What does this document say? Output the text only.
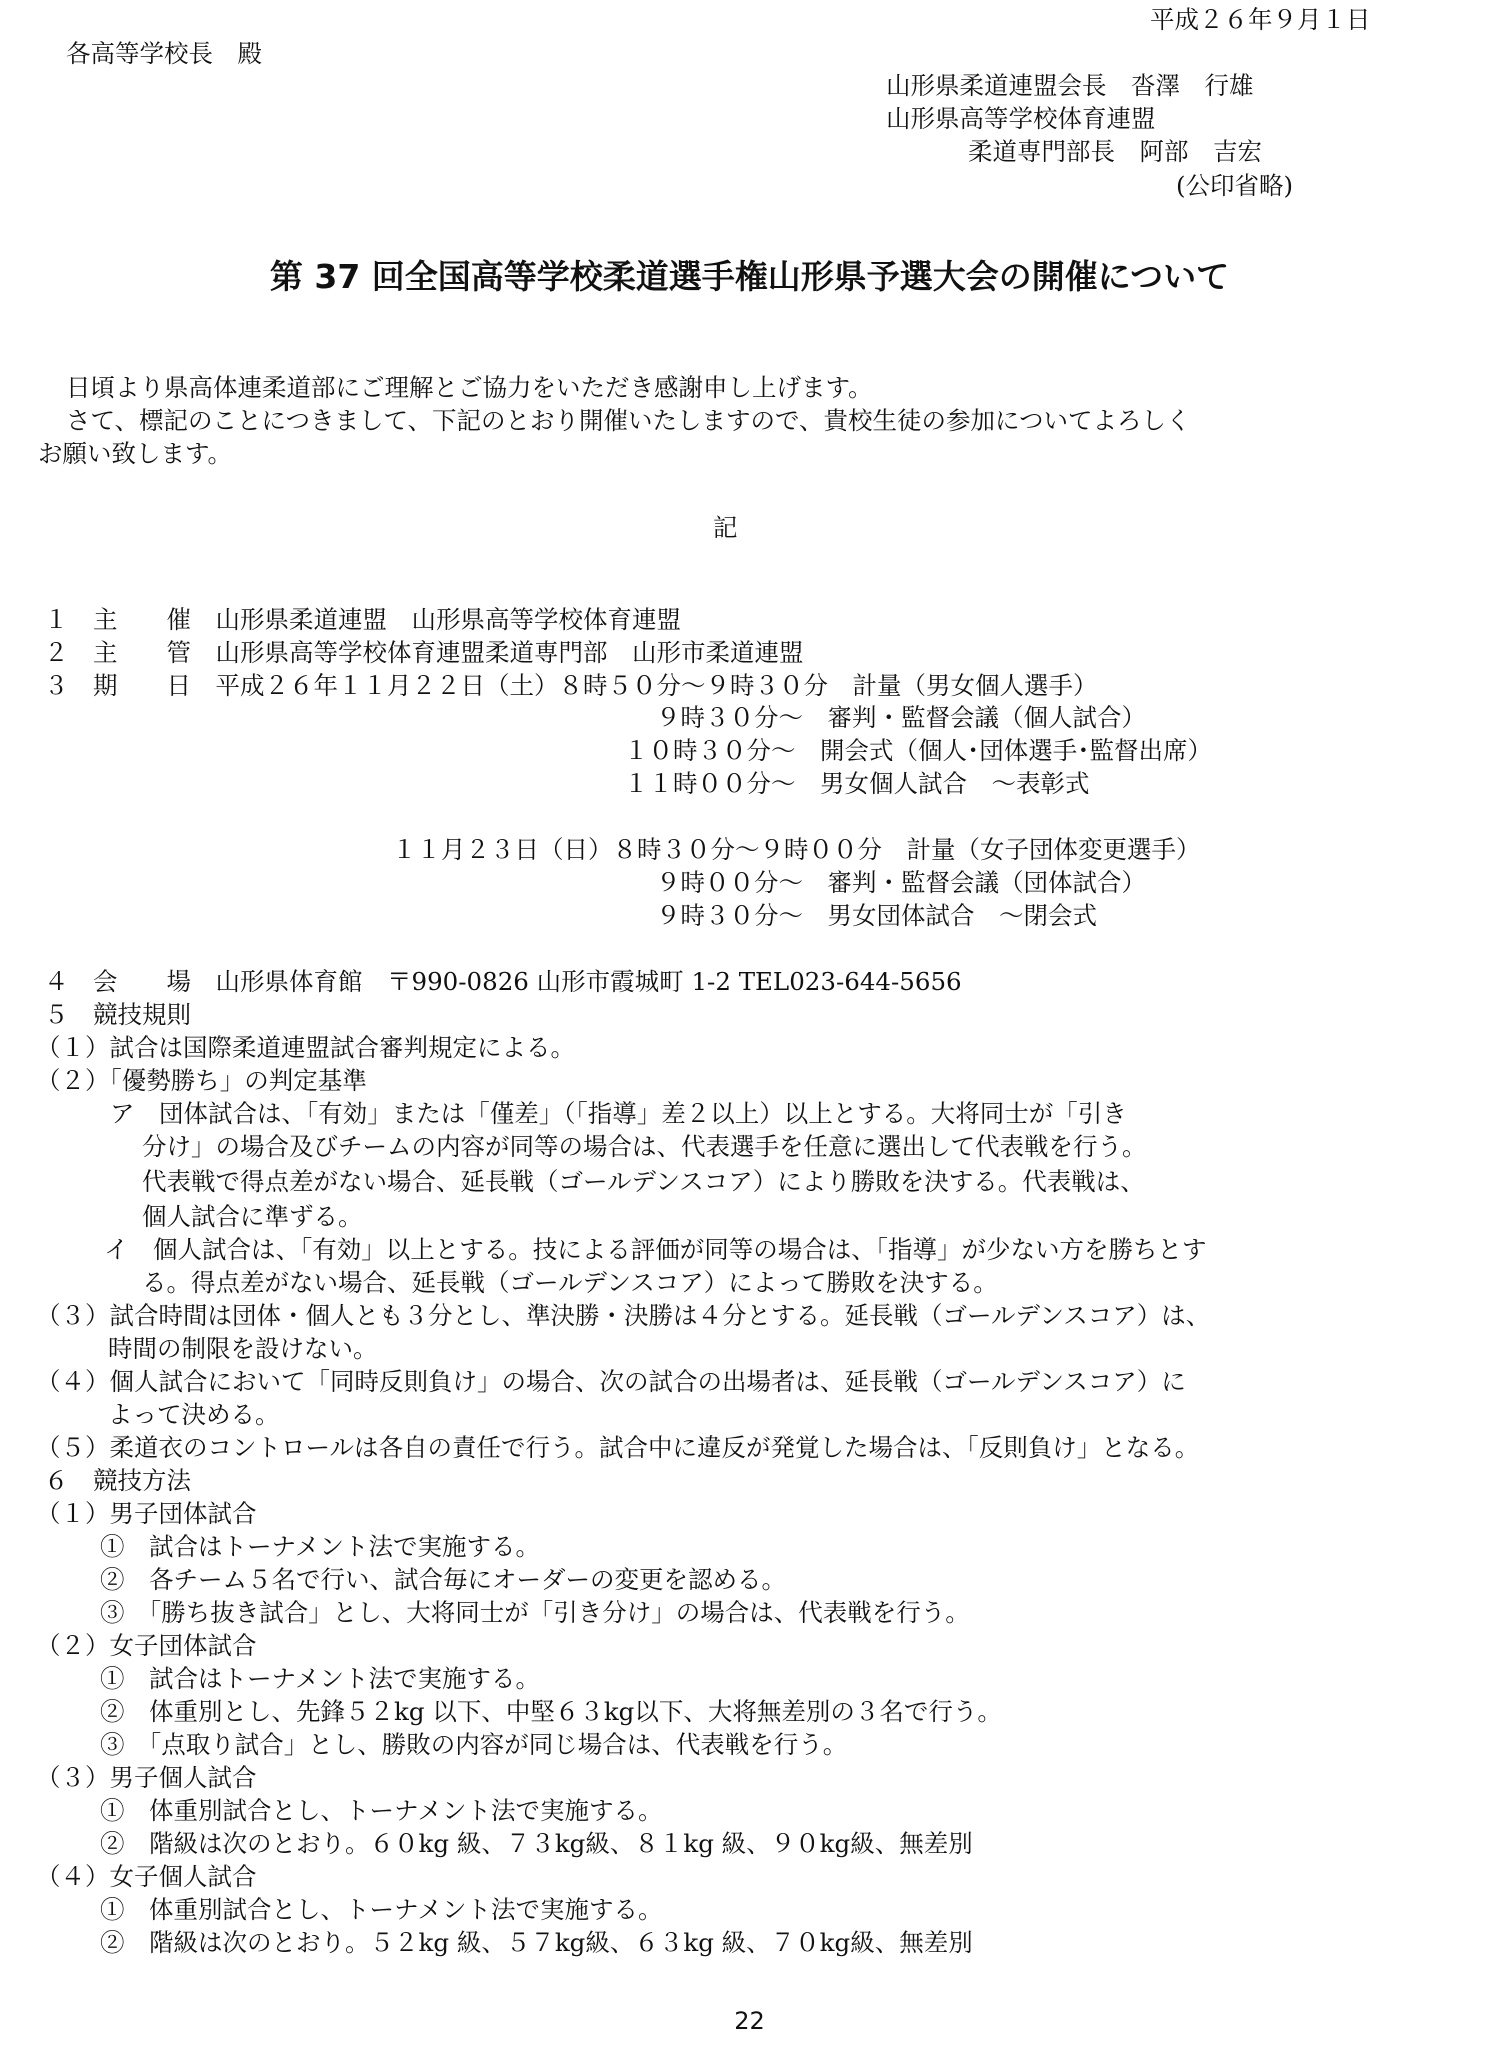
平成２６年９月１日
各高等学校長　殿
山形県柔道連盟会長　沓澤　行雄
山形県高等学校体育連盟
柔道専門部長　阿部　吉宏
(公印省略)
第 37 回全国高等学校柔道選手権山形県予選大会の開催について
日頃より県高体連柔道部にご理解とご協力をいただき感謝申し上げます。
さて、標記のことにつきまして、下記のとおり開催いたしますので、貴校生徒の参加についてよろしく
お願い致します。
記
１　主　　催　山形県柔道連盟　山形県高等学校体育連盟
２　主　　管　山形県高等学校体育連盟柔道専門部　山形市柔道連盟
３　期　　日　平成２６年１１月２２日（土）８時５０分～９時３０分　計量（男女個人選手）
９時３０分～　審判・監督会議（個人試合）
１０時３０分～　開会式（個人･団体選手･監督出席）
１１時００分～　男女個人試合　～表彰式
１１月２３日（日）８時３０分～９時００分　計量（女子団体変更選手）
９時００分～　審判・監督会議（団体試合）
９時３０分～　男女団体試合　～閉会式
４　会　　場　山形県体育館　〒990-0826 山形市霞城町 1-2 TEL023-644-5656
５　競技規則
（１）試合は国際柔道連盟試合審判規定による。
（２）「優勢勝ち」の判定基準
ア　団体試合は、「有効」または「僅差」（「指導」差２以上）以上とする。大将同士が「引き
分け」の場合及びチームの内容が同等の場合は、代表選手を任意に選出して代表戦を行う。
代表戦で得点差がない場合、延長戦（ゴールデンスコア）により勝敗を決する。代表戦は、
個人試合に準ずる。
イ　個人試合は、「有効」以上とする。技による評価が同等の場合は、「指導」が少ない方を勝ちとす
る。得点差がない場合、延長戦（ゴールデンスコア）によって勝敗を決する。
（３）試合時間は団体・個人とも３分とし、準決勝・決勝は４分とする。延長戦（ゴールデンスコア）は、
時間の制限を設けない。
（４）個人試合において「同時反則負け」の場合、次の試合の出場者は、延長戦（ゴールデンスコア）に
よって決める。
（５）柔道衣のコントロールは各自の責任で行う。試合中に違反が発覚した場合は、「反則負け」となる。
６　競技方法
（１）男子団体試合
①　試合はトーナメント法で実施する。
②　各チーム５名で行い、試合毎にオーダーの変更を認める。
③　「勝ち抜き試合」とし、大将同士が「引き分け」の場合は、代表戦を行う。
（２）女子団体試合
①　試合はトーナメント法で実施する。
②　体重別とし、先鋒５２kg 以下、中堅６３kg以下、大将無差別の３名で行う。
③　「点取り試合」とし、勝敗の内容が同じ場合は、代表戦を行う。
（３）男子個人試合
①　体重別試合とし、トーナメント法で実施する。
②　階級は次のとおり。６０kg 級、７３kg級、８１kg 級、９０kg級、無差別
（４）女子個人試合
①　体重別試合とし、トーナメント法で実施する。
②　階級は次のとおり。５２kg 級、５７kg級、６３kg 級、７０kg級、無差別
22
